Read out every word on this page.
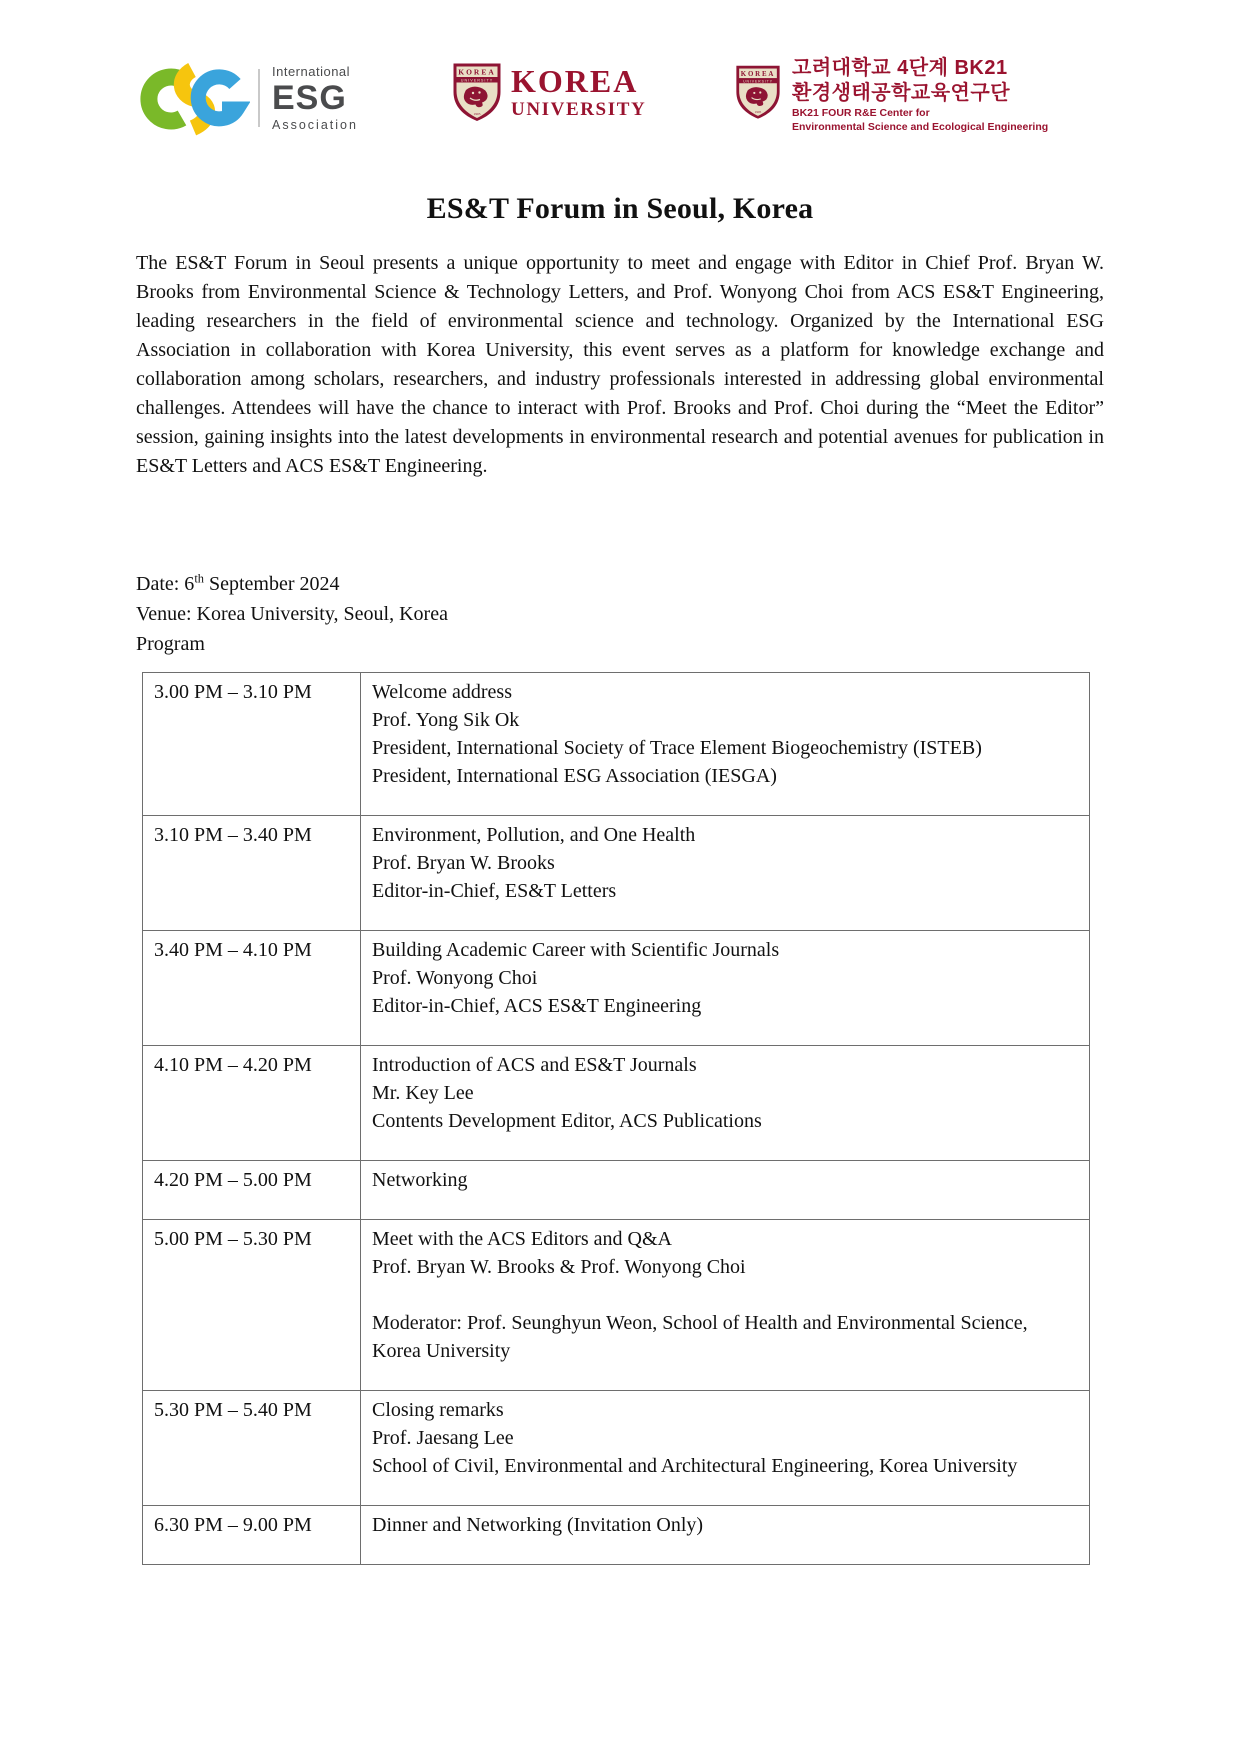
International
ESG
Association
KOREA
UNIVERSITY
고려대학교 4단계 BK21
환경생태공학교육연구단
BK21 FOUR R&E Center for
Environmental Science and Ecological Engineering
ES&T Forum in Seoul, Korea

The ES&T Forum in Seoul presents a unique opportunity to meet and engage with Editor in Chief Prof. Bryan W. Brooks from Environmental Science & Technology Letters, and Prof. Wonyong Choi from ACS ES&T Engineering, leading researchers in the field of environmental science and technology. Organized by the International ESG Association in collaboration with Korea University, this event serves as a platform for knowledge exchange and collaboration among scholars, researchers, and industry professionals interested in addressing global environmental challenges. Attendees will have the chance to interact with Prof. Brooks and Prof. Choi during the “Meet the Editor” session, gaining insights into the latest developments in environmental research and potential avenues for publication in ES&T Letters and ACS ES&T Engineering.

Date: 6th September 2024
Venue: Korea University, Seoul, Korea
Program
3.00 PM – 3.10 PM	Welcome address
Prof. Yong Sik Ok
President, International Society of Trace Element Biogeochemistry (ISTEB)
President, International ESG Association (IESGA)

3.10 PM – 3.40 PM	Environment, Pollution, and One Health
Prof. Bryan W. Brooks
Editor-in-Chief, ES&T Letters

3.40 PM – 4.10 PM	Building Academic Career with Scientific Journals
Prof. Wonyong Choi
Editor-in-Chief, ACS ES&T Engineering

4.10 PM – 4.20 PM	Introduction of ACS and ES&T Journals
Mr. Key Lee
Contents Development Editor, ACS Publications

4.20 PM – 5.00 PM	Networking

5.00 PM – 5.30 PM	Meet with the ACS Editors and Q&A
Prof. Bryan W. Brooks & Prof. Wonyong Choi
Moderator: Prof. Seunghyun Weon, School of Health and Environmental Science, Korea University

5.30 PM – 5.40 PM	Closing remarks
Prof. Jaesang Lee
School of Civil, Environmental and Architectural Engineering, Korea University

6.30 PM – 9.00 PM	Dinner and Networking (Invitation Only)
